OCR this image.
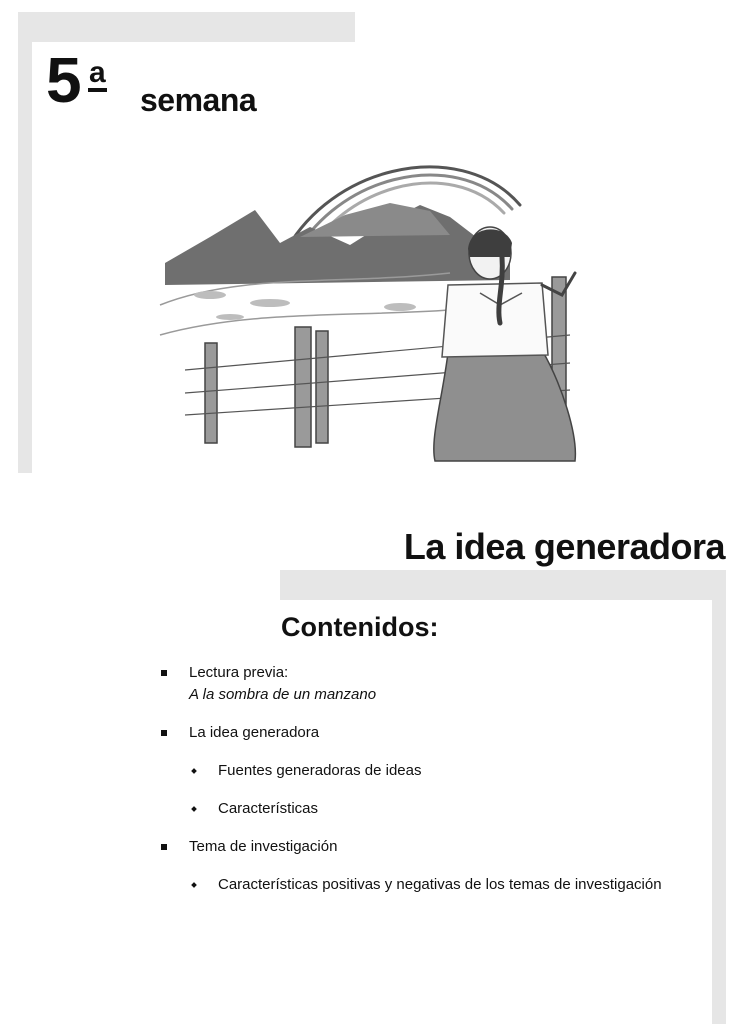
5 a
semana
La idea generadora
Contenidos:
Lectura previa:
A la sombra de un manzano
La idea generadora
Fuentes generadoras de ideas
Características
Tema de investigación
Características positivas y negativas de los temas de investigación
